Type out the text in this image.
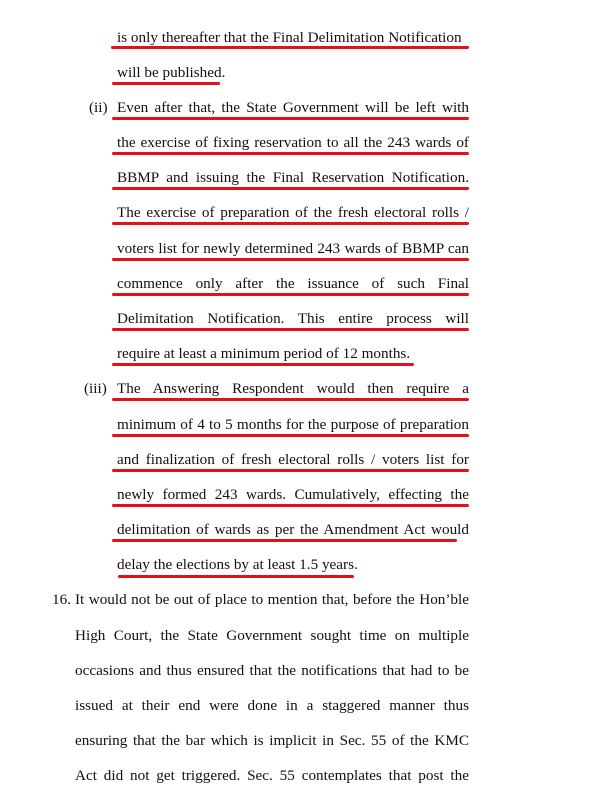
is only thereafter that the Final Delimitation Notification
will be published.
(ii) Even after that, the State Government will be left with
the exercise of fixing reservation to all the 243 wards of
BBMP and issuing the Final Reservation Notification.
The exercise of preparation of the fresh electoral rolls /
voters list for newly determined 243 wards of BBMP can
commence only after the issuance of such Final
Delimitation Notification. This entire process will
require at least a minimum period of 12 months.
(iii) The Answering Respondent would then require a
minimum of 4 to 5 months for the purpose of preparation
and finalization of fresh electoral rolls / voters list for
newly formed 243 wards. Cumulatively, effecting the
delimitation of wards as per the Amendment Act would
delay the elections by at least 1.5 years.
16. It would not be out of place to mention that, before the Hon’ble
High Court, the State Government sought time on multiple
occasions and thus ensured that the notifications that had to be
issued at their end were done in a staggered manner thus
ensuring that the bar which is implicit in Sec. 55 of the KMC
Act did not get triggered. Sec. 55 contemplates that post the
